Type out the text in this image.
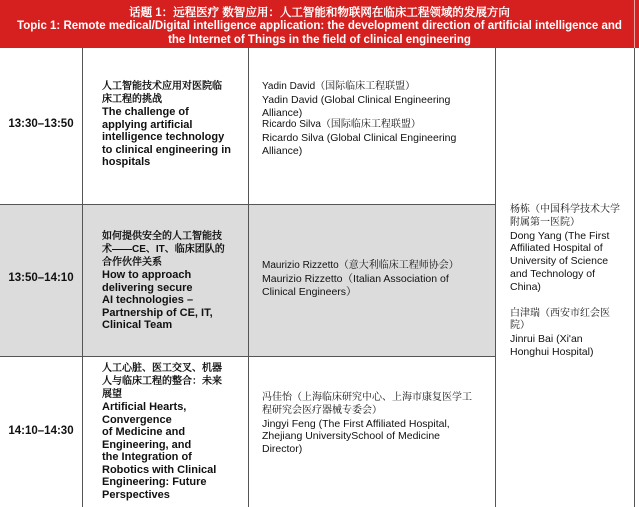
话题 1：远程医疗 数智应用：人工智能和物联网在临床工程领域的发展方向
Topic 1: Remote medical/Digital intelligence application: the development direction of artificial intelligence and
the Internet of Things in the field of clinical engineering
13:30–13:50
人工智能技术应用对医院临
床工程的挑战
The challenge of
applying artificial
intelligence technology
to clinical engineering in
hospitals
Yadin David（国际临床工程联盟）
Yadin David (Global Clinical Engineering
Alliance)
Ricardo Silva（国际临床工程联盟）
Ricardo Silva (Global Clinical Engineering
Alliance)
13:50–14:10
如何提供安全的人工智能技
术——CE、IT、临床团队的
合作伙伴关系
How to approach
delivering secure
AI technologies –
Partnership of CE, IT,
Clinical Team
Maurizio Rizzetto（意大利临床工程师协会）
Maurizio Rizzetto（Italian Association of
Clinical Engineers）
14:10–14:30
人工心脏、医工交叉、机器
人与临床工程的整合：未来
展望
Artificial Hearts,
Convergence
of Medicine and
Engineering, and
the Integration of
Robotics with Clinical
Engineering: Future
Perspectives
冯佳怡（上海临床研究中心、上海市康复医学工
程研究会医疗器械专委会）
Jingyi Feng (The First Affiliated Hospital,
Zhejiang UniversitySchool of Medicine
Director)
杨栋（中国科学技术大学
附属第一医院）
Dong Yang (The First
Affiliated Hospital of
University of Science
and Technology of
China)
白津瑞（西安市红会医
院）
Jinrui Bai (Xi'an
Honghui Hospital)
